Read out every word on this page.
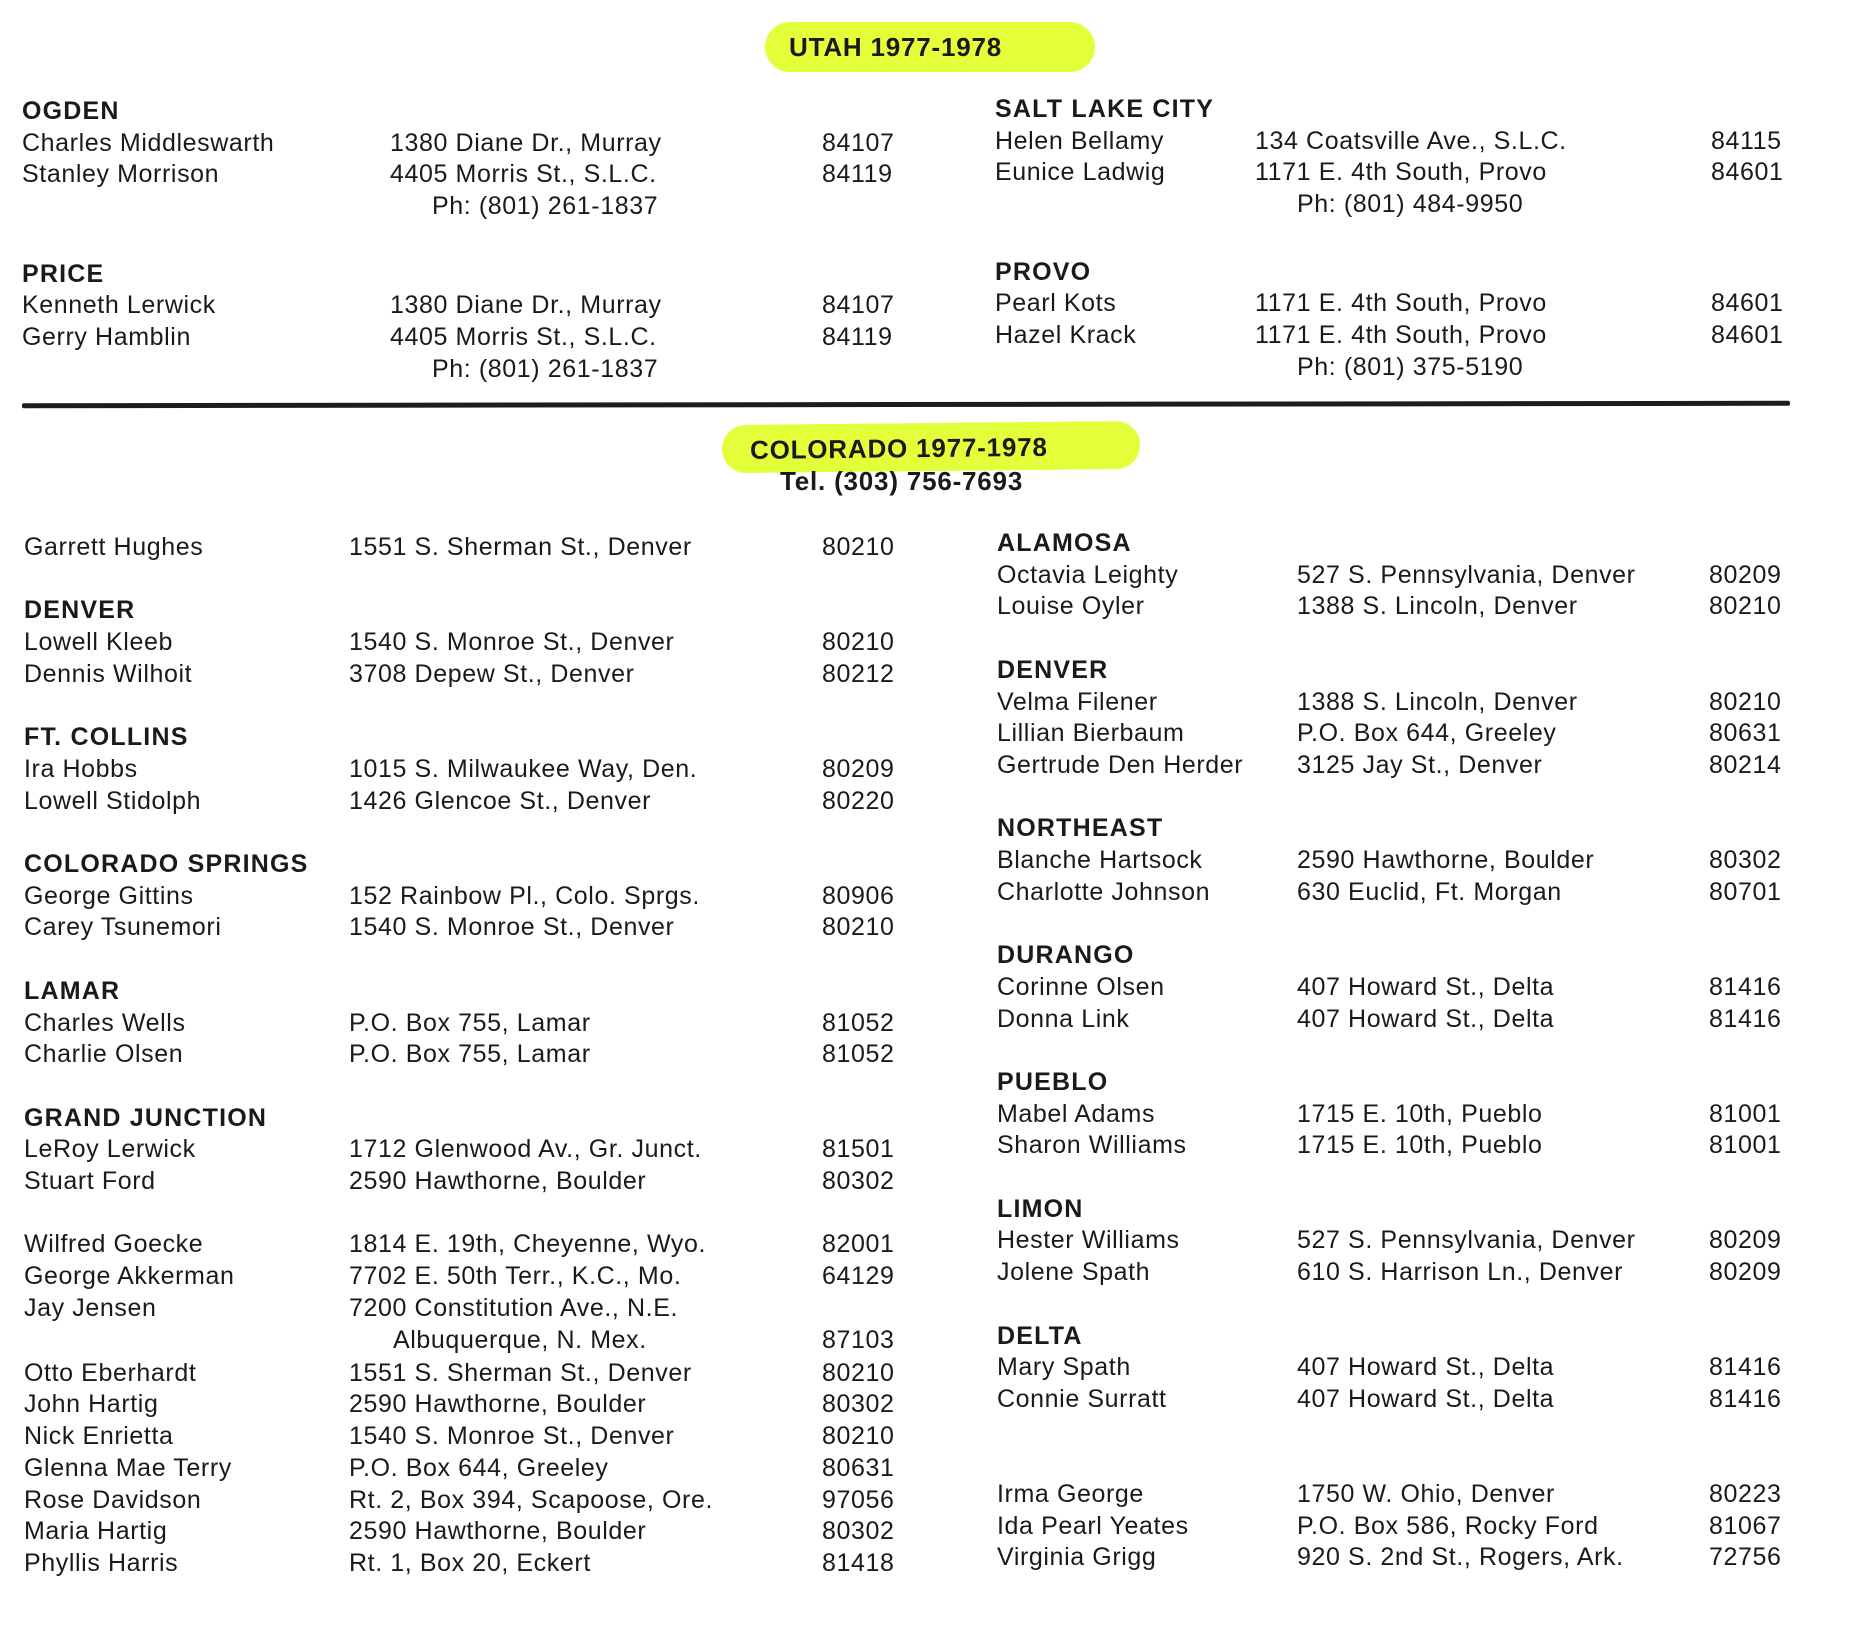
UTAH 1977-1978
OGDEN
Charles Middleswarth	1380 Diane Dr., Murray	84107
Stanley Morrison	4405 Morris St., S.L.C.	84119
Ph: (801) 261-1837
PRICE
Kenneth Lerwick	1380 Diane Dr., Murray	84107
Gerry Hamblin	4405 Morris St., S.L.C.	84119
Ph: (801) 261-1837
SALT LAKE CITY
Helen Bellamy	134 Coatsville Ave., S.L.C.	84115
Eunice Ladwig	1171 E. 4th South, Provo	84601
Ph: (801) 484-9950
PROVO
Pearl Kots	1171 E. 4th South, Provo	84601
Hazel Krack	1171 E. 4th South, Provo	84601
Ph: (801) 375-5190
COLORADO 1977-1978
Tel. (303) 756-7693
Garrett Hughes	1551 S. Sherman St., Denver	80210
DENVER
Lowell Kleeb	1540 S. Monroe St., Denver	80210
Dennis Wilhoit	3708 Depew St., Denver	80212
FT. COLLINS
Ira Hobbs	1015 S. Milwaukee Way, Den.	80209
Lowell Stidolph	1426 Glencoe St., Denver	80220
COLORADO SPRINGS
George Gittins	152 Rainbow Pl., Colo. Sprgs.	80906
Carey Tsunemori	1540 S. Monroe St., Denver	80210
LAMAR
Charles Wells	P.O. Box 755, Lamar	81052
Charlie Olsen	P.O. Box 755, Lamar	81052
GRAND JUNCTION
LeRoy Lerwick	1712 Glenwood Av., Gr. Junct.	81501
Stuart Ford	2590 Hawthorne, Boulder	80302
Wilfred Goecke	1814 E. 19th, Cheyenne, Wyo.	82001
George Akkerman	7702 E. 50th Terr., K.C., Mo.	64129
Jay Jensen	7200 Constitution Ave., N.E.
Albuquerque, N. Mex.	87103
Otto Eberhardt	1551 S. Sherman St., Denver	80210
John Hartig	2590 Hawthorne, Boulder	80302
Nick Enrietta	1540 S. Monroe St., Denver	80210
Glenna Mae Terry	P.O. Box 644, Greeley	80631
Rose Davidson	Rt. 2, Box 394, Scapoose, Ore.	97056
Maria Hartig	2590 Hawthorne, Boulder	80302
Phyllis Harris	Rt. 1, Box 20, Eckert	81418
ALAMOSA
Octavia Leighty	527 S. Pennsylvania, Denver	80209
Louise Oyler	1388 S. Lincoln, Denver	80210
DENVER
Velma Filener	1388 S. Lincoln, Denver	80210
Lillian Bierbaum	P.O. Box 644, Greeley	80631
Gertrude Den Herder 3125 Jay St., Denver	80214
NORTHEAST
Blanche Hartsock	2590 Hawthorne, Boulder	80302
Charlotte Johnson	630 Euclid, Ft. Morgan	80701
DURANGO
Corinne Olsen	407 Howard St., Delta	81416
Donna Link	407 Howard St., Delta	81416
PUEBLO
Mabel Adams	1715 E. 10th, Pueblo	81001
Sharon Williams	1715 E. 10th, Pueblo	81001
LIMON
Hester Williams	527 S. Pennsylvania, Denver	80209
Jolene Spath	610 S. Harrison Ln., Denver	80209
DELTA
Mary Spath	407 Howard St., Delta	81416
Connie Surratt	407 Howard St., Delta	81416
Irma George	1750 W. Ohio, Denver	80223
Ida Pearl Yeates	P.O. Box 586, Rocky Ford	81067
Virginia Grigg	920 S. 2nd St., Rogers, Ark.	72756
